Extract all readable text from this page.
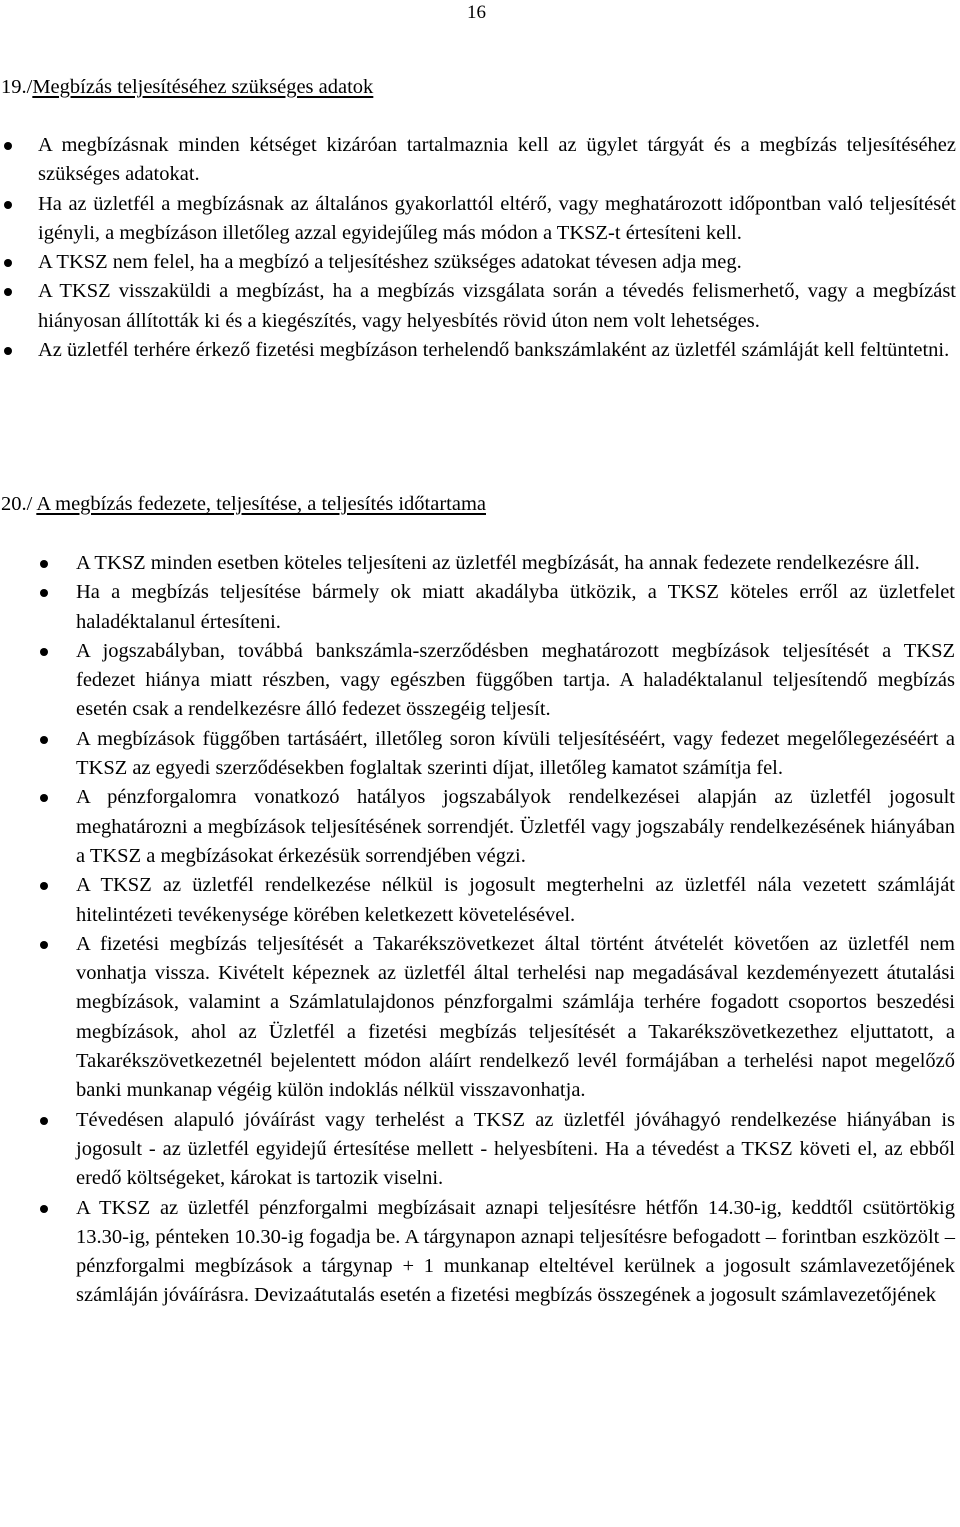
16
19./Megbízás teljesítéséhez szükséges adatok
A megbízásnak minden kétséget kizáróan tartalmaznia kell az ügylet tárgyát és a megbízás teljesítéséhez szükséges adatokat.
Ha az üzletfél a megbízásnak az általános gyakorlattól eltérő, vagy meghatározott időpontban való teljesítését igényli, a megbízáson illetőleg azzal egyidejűleg más módon a TKSZ-t értesíteni kell.
A TKSZ nem felel, ha a megbízó a teljesítéshez szükséges adatokat tévesen adja meg.
A TKSZ visszaküldi a megbízást, ha a megbízás vizsgálata során a tévedés felismerhető, vagy a megbízást hiányosan állították ki és a kiegészítés, vagy helyesbítés rövid úton nem volt lehetséges.
Az üzletfél terhére érkező fizetési megbízáson terhelendő bankszámlaként az üzletfél számláját kell feltüntetni.
20./ A megbízás fedezete, teljesítése, a teljesítés időtartama
A TKSZ minden esetben köteles teljesíteni az üzletfél megbízását, ha annak fedezete rendelkezésre áll.
Ha a megbízás teljesítése bármely ok miatt akadályba ütközik, a TKSZ köteles erről az üzletfelet haladéktalanul értesíteni.
A jogszabályban, továbbá bankszámla-szerződésben meghatározott megbízások teljesítését a TKSZ fedezet hiánya miatt részben, vagy egészben függőben tartja. A haladéktalanul teljesítendő megbízás esetén csak a rendelkezésre álló fedezet összegéig teljesít.
A megbízások függőben tartásáért, illetőleg soron kívüli teljesítéséért, vagy fedezet megelőlegezéséért a TKSZ az egyedi szerződésekben foglaltak szerinti díjat, illetőleg kamatot számítja fel.
A pénzforgalomra vonatkozó hatályos jogszabályok rendelkezései alapján az üzletfél jogosult meghatározni a megbízások teljesítésének sorrendjét. Üzletfél vagy jogszabály rendelkezésének hiányában a TKSZ a megbízásokat érkezésük sorrendjében végzi.
A TKSZ az üzletfél rendelkezése nélkül is jogosult megterhelni az üzletfél nála vezetett számláját hitelintézeti tevékenysége körében keletkezett követelésével.
A fizetési megbízás teljesítését a Takarékszövetkezet által történt átvételét követően az üzletfél nem vonhatja vissza. Kivételt képeznek az üzletfél által terhelési nap megadásával kezdeményezett átutalási megbízások, valamint a Számlatulajdonos pénzforgalmi számlája terhére fogadott csoportos beszedési megbízások, ahol az Üzletfél a fizetési megbízás teljesítését a Takarékszövetkezethez eljuttatott, a Takarékszövetkezetnél bejelentett módon aláírt rendelkező levél formájában a terhelési napot megelőző banki munkanap végéig külön indoklás nélkül visszavonhatja.
Tévedésen alapuló jóváírást vagy terhelést a TKSZ az üzletfél jóváhagyó rendelkezése hiányában is jogosult - az üzletfél egyidejű értesítése mellett - helyesbíteni. Ha a tévedést a TKSZ követi el, az ebből eredő költségeket, károkat is tartozik viselni.
A TKSZ az üzletfél pénzforgalmi megbízásait aznapi teljesítésre hétfőn 14.30-ig, keddtől csütörtökig 13.30-ig, pénteken 10.30-ig fogadja be. A tárgynapon aznapi teljesítésre befogadott – forintban eszközölt – pénzforgalmi megbízások a tárgynap + 1 munkanap elteltével kerülnek a jogosult számlavezetőjének számláján jóváírásra. Devizaátutalás esetén a fizetési megbízás összegének a jogosult számlavezetőjének
